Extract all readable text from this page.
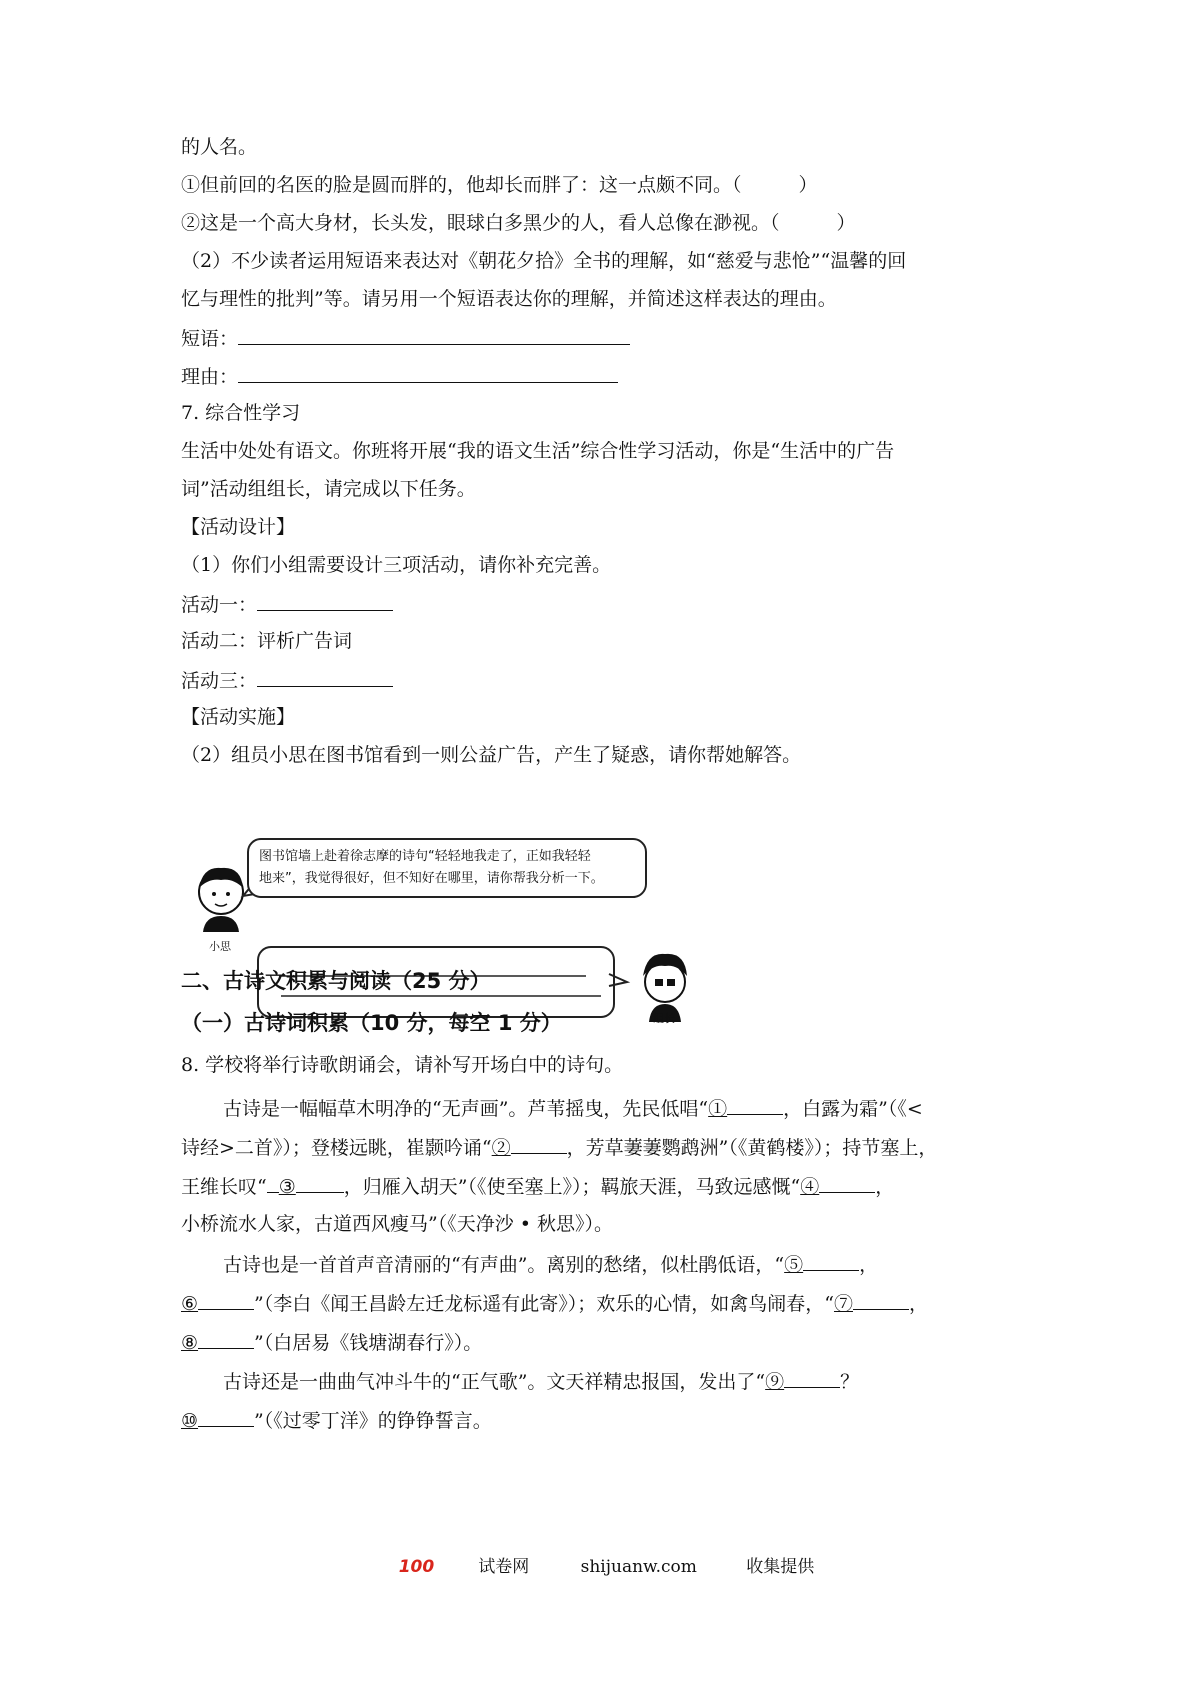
的人名。
①但前回的名医的脸是圆而胖的，他却长而胖了：这一点颇不同。（　　　）
②这是一个高大身材，长头发，眼球白多黑少的人，看人总像在渺视。（　　　）
（2）不少读者运用短语来表达对《朝花夕拾》全书的理解，如“慈爱与悲怆”“温馨的回
忆与理性的批判”等。请另用一个短语表达你的理解，并简述这样表达的理由。
短语：
理由：
7. 综合性学习
生活中处处有语文。你班将开展“我的语文生活”综合性学习活动，你是“生活中的广告
词”活动组组长，请完成以下任务。
【活动设计】
（1）你们小组需要设计三项活动，请你补充完善。
活动一：
活动二：评析广告词
活动三：
【活动实施】
（2）组员小思在图书馆看到一则公益广告，产生了疑惑，请你帮她解答。
图书馆墙上赴着徐志摩的诗句“轻轻地我走了，正如我轻轻
地来”，我觉得很好，但不知好在哪里，请你帮我分析一下。
小思
组长
二、古诗文积累与阅读（25 分）
（一）古诗词积累（10 分，每空 1 分）
8. 学校将举行诗歌朗诵会，请补写开场白中的诗句。
古诗是一幅幅草木明净的“无声画”。芦苇摇曳，先民低唱“①	，白露为霜”（《<
诗经>二首》）；登楼远眺，崔颢吟诵“②	，芳草萋萋鹦鹉洲”（《黄鹤楼》）；持节塞上，
王维长叹“ ③	，归雁入胡天”（《使至塞上》）；羁旅天涯，马致远感慨“④	，
小桥流水人家，古道西风瘦马”（《天净沙 • 秋思》）。
古诗也是一首首声音清丽的“有声曲”。离别的愁绪，似杜鹃低语，“⑤	，
⑥	”（李白《闻王昌龄左迁龙标遥有此寄》）；欢乐的心情，如禽鸟闹春，“⑦	，
⑧	”（白居易《钱塘湖春行》）。
古诗还是一曲曲气冲斗牛的“正气歌”。文天祥精忠报国，发出了“⑨	？
⑩	”（《过零丁洋》的铮铮誓言。
100	试卷网	shijuanw.com	收集提供
